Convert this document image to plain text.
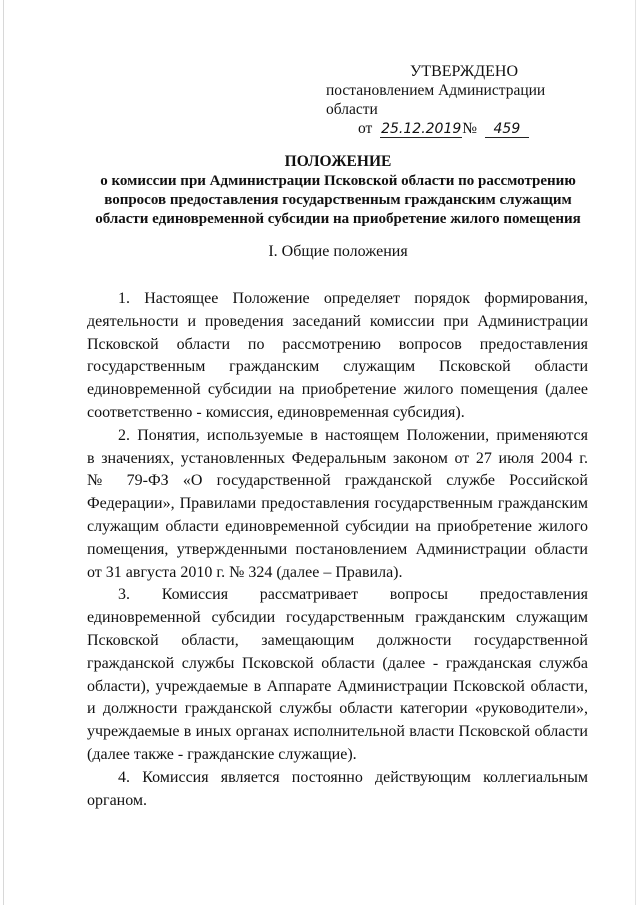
УТВЕРЖДЕНО
постановлением Администрации области
от 25.12.2019№ 459
ПОЛОЖЕНИЕ
о комиссии при Администрации Псковской области по рассмотрению
вопросов предоставления государственным гражданским служащим
области единовременной субсидии на приобретение жилого помещения
I. Общие положения
1. Настоящее Положение определяет порядок формирования,
деятельности и проведения заседаний комиссии при Администрации
Псковской области по рассмотрению вопросов предоставления
государственным гражданским служащим Псковской области
единовременной субсидии на приобретение жилого помещения (далее
соответственно - комиссия, единовременная субсидия).
2. Понятия, используемые в настоящем Положении, применяются
в значениях, установленных Федеральным законом от 27 июля 2004 г.
№ 79-ФЗ «О государственной гражданской службе Российской
Федерации», Правилами предоставления государственным гражданским
служащим области единовременной субсидии на приобретение жилого
помещения, утвержденными постановлением Администрации области
от 31 августа 2010 г. № 324 (далее – Правила).
3. Комиссия рассматривает вопросы предоставления
единовременной субсидии государственным гражданским служащим
Псковской области, замещающим должности государственной
гражданской службы Псковской области (далее - гражданская служба
области), учреждаемые в Аппарате Администрации Псковской области,
и должности гражданской службы области категории «руководители»,
учреждаемые в иных органах исполнительной власти Псковской области
(далее также - гражданские служащие).
4. Комиссия является постоянно действующим коллегиальным
органом.
